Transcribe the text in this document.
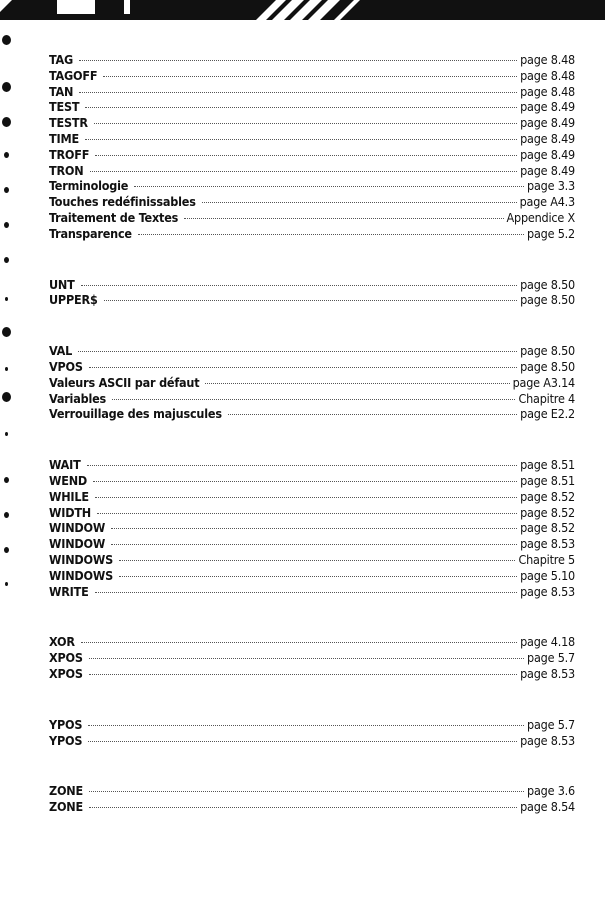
TAG	page 8.48
TAGOFF	page 8.48
TAN	page 8.48
TEST	page 8.49
TESTR	page 8.49
TIME	page 8.49
TROFF	page 8.49
TRON	page 8.49
Terminologie	page 3.3
Touches redéfinissables	page A4.3
Traitement de Textes	Appendice X
Transparence	page 5.2
UNT	page 8.50
UPPER$	page 8.50
VAL	page 8.50
VPOS	page 8.50
Valeurs ASCII par défaut	page A3.14
Variables	Chapitre 4
Verrouillage des majuscules	page E2.2
WAIT	page 8.51
WEND	page 8.51
WHILE	page 8.52
WIDTH	page 8.52
WINDOW	page 8.52
WINDOW	page 8.53
WINDOWS	Chapitre 5
WINDOWS	page 5.10
WRITE	page 8.53
XOR	page 4.18
XPOS	page 5.7
XPOS	page 8.53
YPOS	page 5.7
YPOS	page 8.53
ZONE	page 3.6
ZONE	page 8.54
